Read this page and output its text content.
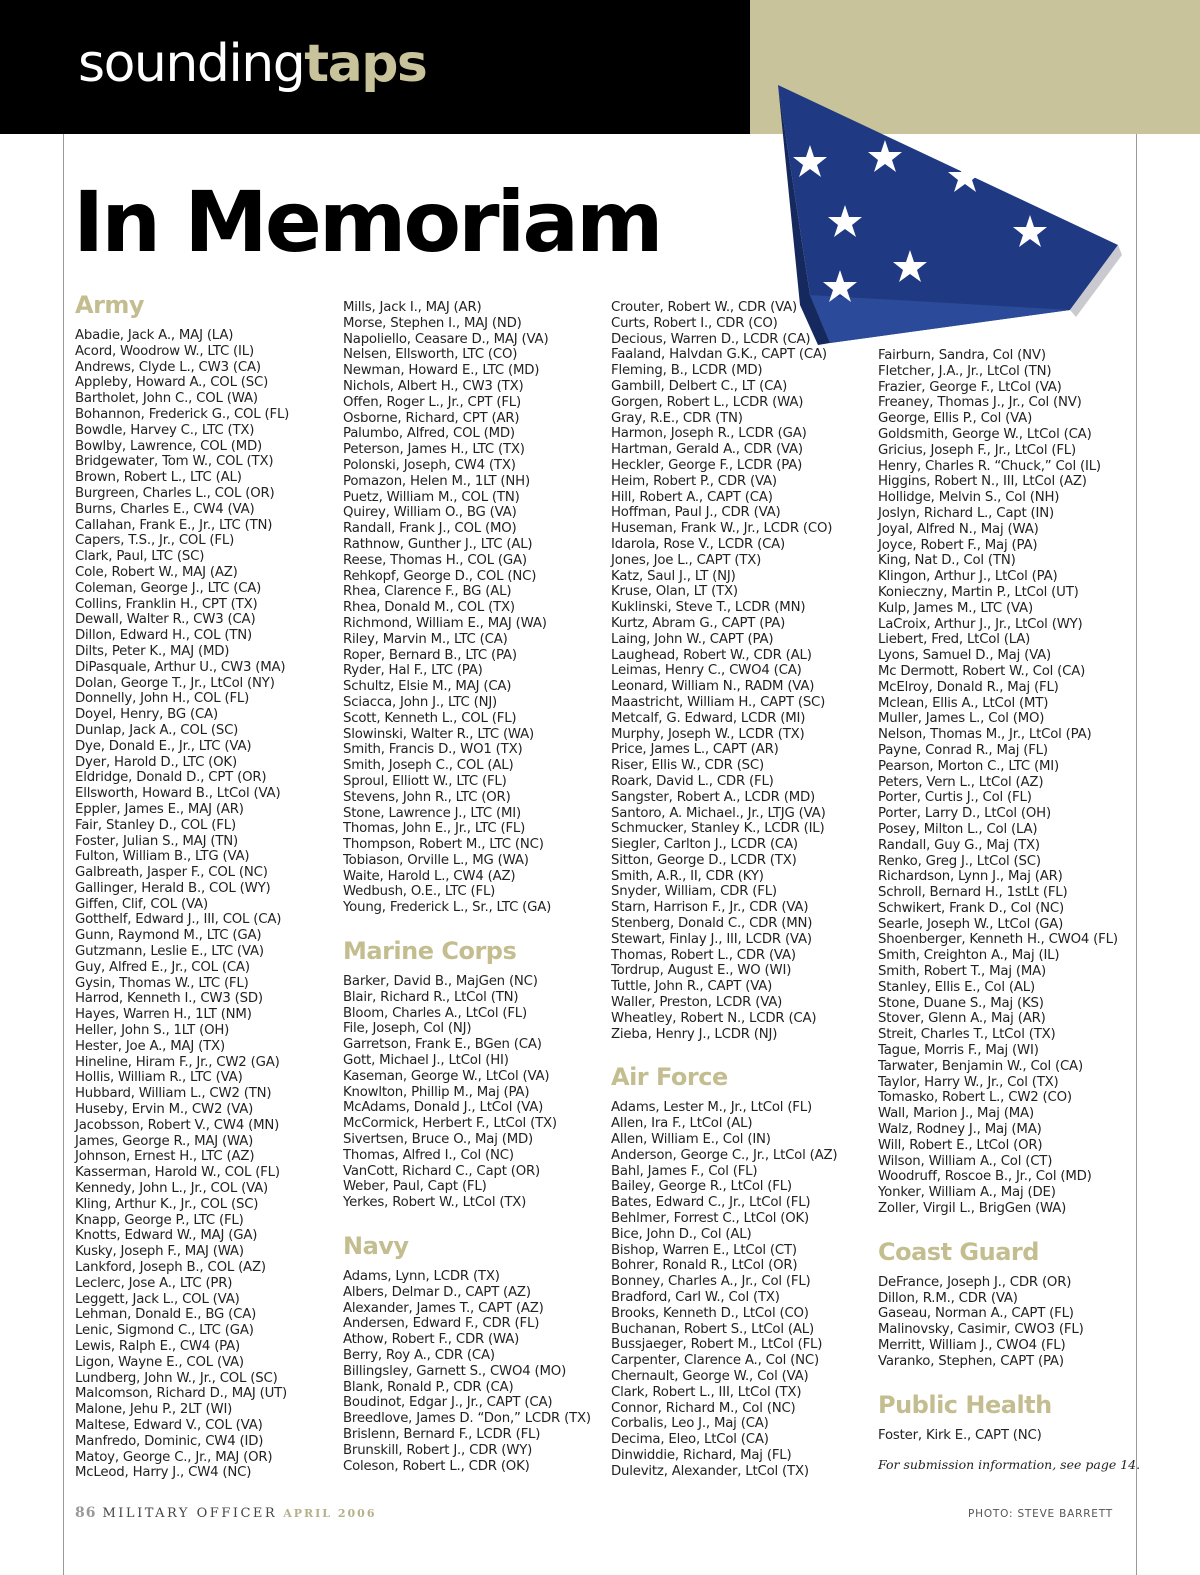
soundingtaps
In Memoriam
Army
Abadie, Jack A., MAJ (LA)
Acord, Woodrow W., LTC (IL)
Andrews, Clyde L., CW3 (CA)
Appleby, Howard A., COL (SC)
Bartholet, John C., COL (WA)
Bohannon, Frederick G., COL (FL)
Bowdle, Harvey C., LTC (TX)
Bowlby, Lawrence, COL (MD)
Bridgewater, Tom W., COL (TX)
Brown, Robert L., LTC (AL)
Burgreen, Charles L., COL (OR)
Burns, Charles E., CW4 (VA)
Callahan, Frank E., Jr., LTC (TN)
Capers, T.S., Jr., COL (FL)
Clark, Paul, LTC (SC)
Cole, Robert W., MAJ (AZ)
Coleman, George J., LTC (CA)
Collins, Franklin H., CPT (TX)
Dewall, Walter R., CW3 (CA)
Dillon, Edward H., COL (TN)
Dilts, Peter K., MAJ (MD)
DiPasquale, Arthur U., CW3 (MA)
Dolan, George T., Jr., LtCol (NY)
Donnelly, John H., COL (FL)
Doyel, Henry, BG (CA)
Dunlap, Jack A., COL (SC)
Dye, Donald E., Jr., LTC (VA)
Dyer, Harold D., LTC (OK)
Eldridge, Donald D., CPT (OR)
Ellsworth, Howard B., LtCol (VA)
Eppler, James E., MAJ (AR)
Fair, Stanley D., COL (FL)
Foster, Julian S., MAJ (TN)
Fulton, William B., LTG (VA)
Galbreath, Jasper F., COL (NC)
Gallinger, Herald B., COL (WY)
Giffen, Clif, COL (VA)
Gotthelf, Edward J., III, COL (CA)
Gunn, Raymond M., LTC (GA)
Gutzmann, Leslie E., LTC (VA)
Guy, Alfred E., Jr., COL (CA)
Gysin, Thomas W., LTC (FL)
Harrod, Kenneth I., CW3 (SD)
Hayes, Warren H., 1LT (NM)
Heller, John S., 1LT (OH)
Hester, Joe A., MAJ (TX)
Hineline, Hiram F., Jr., CW2 (GA)
Hollis, William R., LTC (VA)
Hubbard, William L., CW2 (TN)
Huseby, Ervin M., CW2 (VA)
Jacobsson, Robert V., CW4 (MN)
James, George R., MAJ (WA)
Johnson, Ernest H., LTC (AZ)
Kasserman, Harold W., COL (FL)
Kennedy, John L., Jr., COL (VA)
Kling, Arthur K., Jr., COL (SC)
Knapp, George P., LTC (FL)
Knotts, Edward W., MAJ (GA)
Kusky, Joseph F., MAJ (WA)
Lankford, Joseph B., COL (AZ)
Leclerc, Jose A., LTC (PR)
Leggett, Jack L., COL (VA)
Lehman, Donald E., BG (CA)
Lenic, Sigmond C., LTC (GA)
Lewis, Ralph E., CW4 (PA)
Ligon, Wayne E., COL (VA)
Lundberg, John W., Jr., COL (SC)
Malcomson, Richard D., MAJ (UT)
Malone, Jehu P., 2LT (WI)
Maltese, Edward V., COL (VA)
Manfredo, Dominic, CW4 (ID)
Matoy, George C., Jr., MAJ (OR)
McLeod, Harry J., CW4 (NC)
Mills, Jack I., MAJ (AR)
Morse, Stephen I., MAJ (ND)
Napoliello, Ceasare D., MAJ (VA)
Nelsen, Ellsworth, LTC (CO)
Newman, Howard E., LTC (MD)
Nichols, Albert H., CW3 (TX)
Offen, Roger L., Jr., CPT (FL)
Osborne, Richard, CPT (AR)
Palumbo, Alfred, COL (MD)
Peterson, James H., LTC (TX)
Polonski, Joseph, CW4 (TX)
Pomazon, Helen M., 1LT (NH)
Puetz, William M., COL (TN)
Quirey, William O., BG (VA)
Randall, Frank J., COL (MO)
Rathnow, Gunther J., LTC (AL)
Reese, Thomas H., COL (GA)
Rehkopf, George D., COL (NC)
Rhea, Clarence F., BG (AL)
Rhea, Donald M., COL (TX)
Richmond, William E., MAJ (WA)
Riley, Marvin M., LTC (CA)
Roper, Bernard B., LTC (PA)
Ryder, Hal F., LTC (PA)
Schultz, Elsie M., MAJ (CA)
Sciacca, John J., LTC (NJ)
Scott, Kenneth L., COL (FL)
Slowinski, Walter R., LTC (WA)
Smith, Francis D., WO1 (TX)
Smith, Joseph C., COL (AL)
Sproul, Elliott W., LTC (FL)
Stevens, John R., LTC (OR)
Stone, Lawrence J., LTC (MI)
Thomas, John E., Jr., LTC (FL)
Thompson, Robert M., LTC (NC)
Tobiason, Orville L., MG (WA)
Waite, Harold L., CW4 (AZ)
Wedbush, O.E., LTC (FL)
Young, Frederick L., Sr., LTC (GA)
Marine Corps
Barker, David B., MajGen (NC)
Blair, Richard R., LtCol (TN)
Bloom, Charles A., LtCol (FL)
File, Joseph, Col (NJ)
Garretson, Frank E., BGen (CA)
Gott, Michael J., LtCol (HI)
Kaseman, George W., LtCol (VA)
Knowlton, Phillip M., Maj (PA)
McAdams, Donald J., LtCol (VA)
McCormick, Herbert F., LtCol (TX)
Sivertsen, Bruce O., Maj (MD)
Thomas, Alfred I., Col (NC)
VanCott, Richard C., Capt (OR)
Weber, Paul, Capt (FL)
Yerkes, Robert W., LtCol (TX)
Navy
Adams, Lynn, LCDR (TX)
Albers, Delmar D., CAPT (AZ)
Alexander, James T., CAPT (AZ)
Andersen, Edward F., CDR (FL)
Athow, Robert F., CDR (WA)
Berry, Roy A., CDR (CA)
Billingsley, Garnett S., CWO4 (MO)
Blank, Ronald P., CDR (CA)
Boudinot, Edgar J., Jr., CAPT (CA)
Breedlove, James D. “Don,” LCDR (TX)
Brislenn, Bernard F., LCDR (FL)
Brunskill, Robert J., CDR (WY)
Coleson, Robert L., CDR (OK)
Crouter, Robert W., CDR (VA)
Curts, Robert I., CDR (CO)
Decious, Warren D., LCDR (CA)
Faaland, Halvdan G.K., CAPT (CA)
Fleming, B., LCDR (MD)
Gambill, Delbert C., LT (CA)
Gorgen, Robert L., LCDR (WA)
Gray, R.E., CDR (TN)
Harmon, Joseph R., LCDR (GA)
Hartman, Gerald A., CDR (VA)
Heckler, George F., LCDR (PA)
Heim, Robert P., CDR (VA)
Hill, Robert A., CAPT (CA)
Hoffman, Paul J., CDR (VA)
Huseman, Frank W., Jr., LCDR (CO)
Idarola, Rose V., LCDR (CA)
Jones, Joe L., CAPT (TX)
Katz, Saul J., LT (NJ)
Kruse, Olan, LT (TX)
Kuklinski, Steve T., LCDR (MN)
Kurtz, Abram G., CAPT (PA)
Laing, John W., CAPT (PA)
Laughead, Robert W., CDR (AL)
Leimas, Henry C., CWO4 (CA)
Leonard, William N., RADM (VA)
Maastricht, William H., CAPT (SC)
Metcalf, G. Edward, LCDR (MI)
Murphy, Joseph W., LCDR (TX)
Price, James L., CAPT (AR)
Riser, Ellis W., CDR (SC)
Roark, David L., CDR (FL)
Sangster, Robert A., LCDR (MD)
Santoro, A. Michael., Jr., LTJG (VA)
Schmucker, Stanley K., LCDR (IL)
Siegler, Carlton J., LCDR (CA)
Sitton, George D., LCDR (TX)
Smith, A.R., II, CDR (KY)
Snyder, William, CDR (FL)
Starn, Harrison F., Jr., CDR (VA)
Stenberg, Donald C., CDR (MN)
Stewart, Finlay J., III, LCDR (VA)
Thomas, Robert L., CDR (VA)
Tordrup, August E., WO (WI)
Tuttle, John R., CAPT (VA)
Waller, Preston, LCDR (VA)
Wheatley, Robert N., LCDR (CA)
Zieba, Henry J., LCDR (NJ)
Air Force
Adams, Lester M., Jr., LtCol (FL)
Allen, Ira F., LtCol (AL)
Allen, William E., Col (IN)
Anderson, George C., Jr., LtCol (AZ)
Bahl, James F., Col (FL)
Bailey, George R., LtCol (FL)
Bates, Edward C., Jr., LtCol (FL)
Behlmer, Forrest C., LtCol (OK)
Bice, John D., Col (AL)
Bishop, Warren E., LtCol (CT)
Bohrer, Ronald R., LtCol (OR)
Bonney, Charles A., Jr., Col (FL)
Bradford, Carl W., Col (TX)
Brooks, Kenneth D., LtCol (CO)
Buchanan, Robert S., LtCol (AL)
Bussjaeger, Robert M., LtCol (FL)
Carpenter, Clarence A., Col (NC)
Chernault, George W., Col (VA)
Clark, Robert L., III, LtCol (TX)
Connor, Richard M., Col (NC)
Corbalis, Leo J., Maj (CA)
Decima, Eleo, LtCol (CA)
Dinwiddie, Richard, Maj (FL)
Dulevitz, Alexander, LtCol (TX)
Fairburn, Sandra, Col (NV)
Fletcher, J.A., Jr., LtCol (TN)
Frazier, George F., LtCol (VA)
Freaney, Thomas J., Jr., Col (NV)
George, Ellis P., Col (VA)
Goldsmith, George W., LtCol (CA)
Gricius, Joseph F., Jr., LtCol (FL)
Henry, Charles R. “Chuck,” Col (IL)
Higgins, Robert N., III, LtCol (AZ)
Hollidge, Melvin S., Col (NH)
Joslyn, Richard L., Capt (IN)
Joyal, Alfred N., Maj (WA)
Joyce, Robert F., Maj (PA)
King, Nat D., Col (TN)
Klingon, Arthur J., LtCol (PA)
Konieczny, Martin P., LtCol (UT)
Kulp, James M., LTC (VA)
LaCroix, Arthur J., Jr., LtCol (WY)
Liebert, Fred, LtCol (LA)
Lyons, Samuel D., Maj (VA)
Mc Dermott, Robert W., Col (CA)
McElroy, Donald R., Maj (FL)
Mclean, Ellis A., LtCol (MT)
Muller, James L., Col (MO)
Nelson, Thomas M., Jr., LtCol (PA)
Payne, Conrad R., Maj (FL)
Pearson, Morton C., LTC (MI)
Peters, Vern L., LtCol (AZ)
Porter, Curtis J., Col (FL)
Porter, Larry D., LtCol (OH)
Posey, Milton L., Col (LA)
Randall, Guy G., Maj (TX)
Renko, Greg J., LtCol (SC)
Richardson, Lynn J., Maj (AR)
Schroll, Bernard H., 1stLt (FL)
Schwikert, Frank D., Col (NC)
Searle, Joseph W., LtCol (GA)
Shoenberger, Kenneth H., CWO4 (FL)
Smith, Creighton A., Maj (IL)
Smith, Robert T., Maj (MA)
Stanley, Ellis E., Col (AL)
Stone, Duane S., Maj (KS)
Stover, Glenn A., Maj (AR)
Streit, Charles T., LtCol (TX)
Tague, Morris F., Maj (WI)
Tarwater, Benjamin W., Col (CA)
Taylor, Harry W., Jr., Col (TX)
Tomasko, Robert L., CW2 (CO)
Wall, Marion J., Maj (MA)
Walz, Rodney J., Maj (MA)
Will, Robert E., LtCol (OR)
Wilson, William A., Col (CT)
Woodruff, Roscoe B., Jr., Col (MD)
Yonker, William A., Maj (DE)
Zoller, Virgil L., BrigGen (WA)
Coast Guard
DeFrance, Joseph J., CDR (OR)
Dillon, R.M., CDR (VA)
Gaseau, Norman A., CAPT (FL)
Malinovsky, Casimir, CWO3 (FL)
Merritt, William J., CWO4 (FL)
Varanko, Stephen, CAPT (PA)
Public Health
Foster, Kirk E., CAPT (NC)
For submission information, see page 14.
86 MILITARY OFFICER APRIL 2006	PHOTO: STEVE BARRETT
